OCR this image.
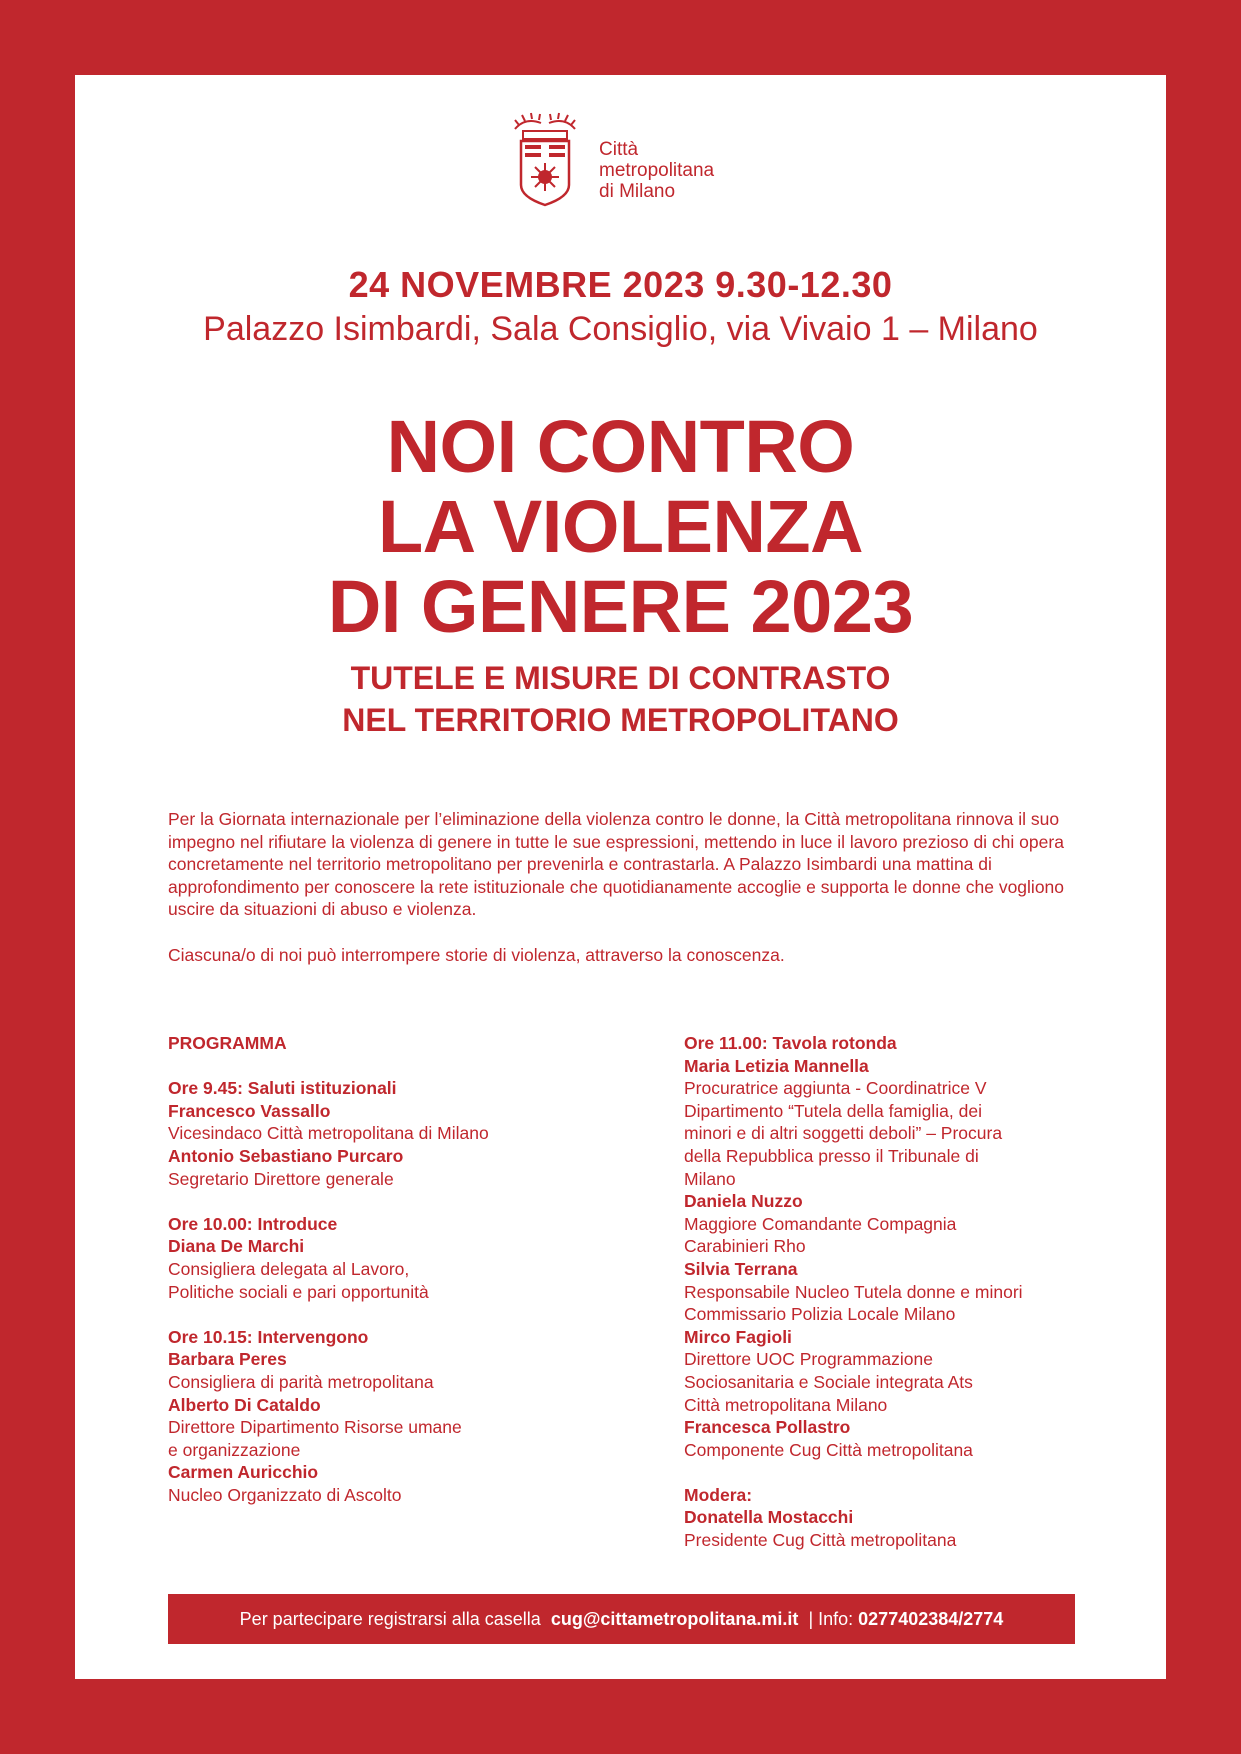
Città
metropolitana
di Milano
24 NOVEMBRE 2023 9.30-12.30
Palazzo Isimbardi, Sala Consiglio, via Vivaio 1 – Milano
NOI CONTRO
LA VIOLENZA
DI GENERE 2023
TUTELE E MISURE DI CONTRASTO
NEL TERRITORIO METROPOLITANO

Per la Giornata internazionale per l’eliminazione della violenza contro le donne, la Città metropolitana rinnova il suo impegno nel rifiutare la violenza di genere in tutte le sue espressioni, mettendo in luce il lavoro prezioso di chi opera concretamente nel territorio metropolitano per prevenirla e contrastarla. A Palazzo Isimbardi una mattina di approfondimento per conoscere la rete istituzionale che quotidianamente accoglie e supporta le donne che vogliono uscire da situazioni di abuso e violenza.

Ciascuna/o di noi può interrompere storie di violenza, attraverso la conoscenza.

PROGRAMMA
Ore 9.45: Saluti istituzionali
Francesco Vassallo
Vicesindaco Città metropolitana di Milano
Antonio Sebastiano Purcaro
Segretario Direttore generale
Ore 10.00: Introduce
Diana De Marchi
Consigliera delegata al Lavoro,
Politiche sociali e pari opportunità
Ore 10.15: Intervengono
Barbara Peres
Consigliera di parità metropolitana
Alberto Di Cataldo
Direttore Dipartimento Risorse umane
e organizzazione
Carmen Auricchio
Nucleo Organizzato di Ascolto
Ore 11.00: Tavola rotonda
Maria Letizia Mannella
Procuratrice aggiunta - Coordinatrice V
Dipartimento “Tutela della famiglia, dei
minori e di altri soggetti deboli” – Procura
della Repubblica presso il Tribunale di
Milano
Daniela Nuzzo
Maggiore Comandante Compagnia
Carabinieri Rho
Silvia Terrana
Responsabile Nucleo Tutela donne e minori
Commissario Polizia Locale Milano
Mirco Fagioli
Direttore UOC Programmazione
Sociosanitaria e Sociale integrata Ats
Città metropolitana Milano
Francesca Pollastro
Componente Cug Città metropolitana
Modera:
Donatella Mostacchi
Presidente Cug Città metropolitana
Per partecipare registrarsi alla casella cug@cittametropolitana.mi.it | Info: 0277402384/2774
